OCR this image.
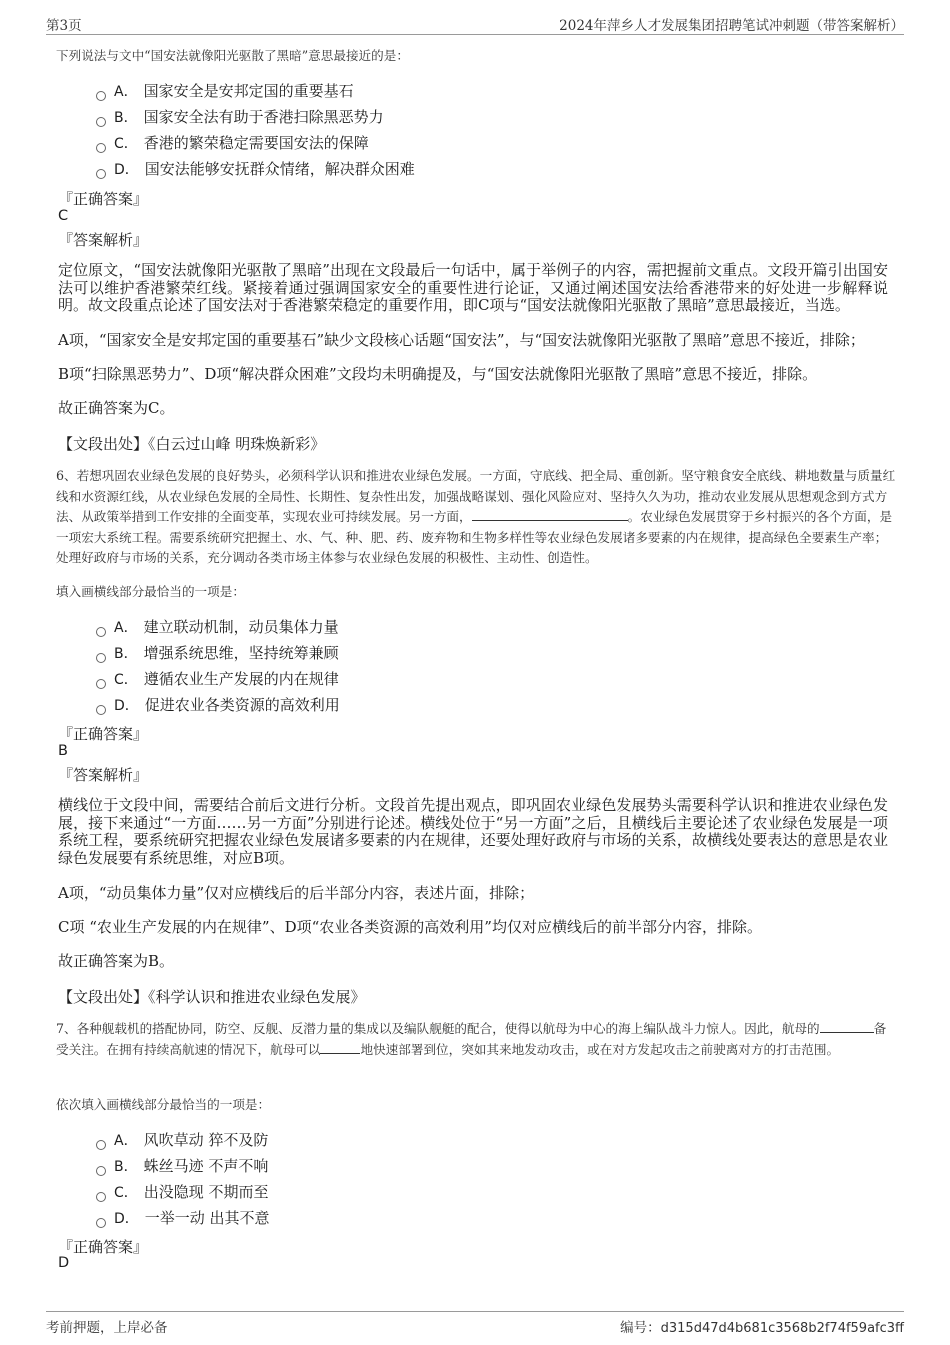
第3页	2024年萍乡人才发展集团招聘笔试冲刺题（带答案解析）
下列说法与文中“国安法就像阳光驱散了黑暗”意思最接近的是：
A． 国家安全是安邦定国的重要基石
B． 国家安全法有助于香港扫除黑恶势力
C． 香港的繁荣稳定需要国安法的保障
D． 国安法能够安抚群众情绪，解决群众困难
『正确答案』
C
『答案解析』
定位原文，“国安法就像阳光驱散了黑暗”出现在文段最后一句话中，属于举例子的内容，需把握前文重点。文段开篇引出国安法可以维护香港繁荣红线。紧接着通过强调国家安全的重要性进行论证，又通过阐述国安法给香港带来的好处进一步解释说明。故文段重点论述了国安法对于香港繁荣稳定的重要作用，即C项与“国安法就像阳光驱散了黑暗”意思最接近，当选。
A项，“国家安全是安邦定国的重要基石”缺少文段核心话题“国安法”，与“国安法就像阳光驱散了黑暗”意思不接近，排除；
B项“扫除黑恶势力”、D项“解决群众困难”文段均未明确提及，与“国安法就像阳光驱散了黑暗”意思不接近，排除。
故正确答案为C。
【文段出处】《白云过山峰 明珠焕新彩》
6、若想巩固农业绿色发展的良好势头，必须科学认识和推进农业绿色发展。一方面，守底线、把全局、重创新。坚守粮食安全底线、耕地数量与质量红线和水资源红线，从农业绿色发展的全局性、长期性、复杂性出发，加强战略谋划、强化风险应对、坚持久久为功，推动农业发展从思想观念到方式方法、从政策举措到工作安排的全面变革，实现农业可持续发展。另一方面，	。农业绿色发展贯穿于乡村振兴的各个方面，是一项宏大系统工程。需要系统研究把握土、水、气、种、肥、药、废弃物和生物多样性等农业绿色发展诸多要素的内在规律，提高绿色全要素生产率；处理好政府与市场的关系，充分调动各类市场主体参与农业绿色发展的积极性、主动性、创造性。
填入画横线部分最恰当的一项是：
A． 建立联动机制，动员集体力量
B． 增强系统思维，坚持统筹兼顾
C． 遵循农业生产发展的内在规律
D． 促进农业各类资源的高效利用
『正确答案』
B
『答案解析』
横线位于文段中间，需要结合前后文进行分析。文段首先提出观点，即巩固农业绿色发展势头需要科学认识和推进农业绿色发展，接下来通过“一方面……另一方面”分别进行论述。横线处位于“另一方面”之后，且横线后主要论述了农业绿色发展是一项系统工程，要系统研究把握农业绿色发展诸多要素的内在规律，还要处理好政府与市场的关系，故横线处要表达的意思是农业绿色发展要有系统思维，对应B项。
A项，“动员集体力量”仅对应横线后的后半部分内容，表述片面，排除；
C项 “农业生产发展的内在规律”、D项“农业各类资源的高效利用”均仅对应横线后的前半部分内容，排除。
故正确答案为B。
【文段出处】《科学认识和推进农业绿色发展》
7、各种舰载机的搭配协同，防空、反舰、反潜力量的集成以及编队舰艇的配合，使得以航母为中心的海上编队战斗力惊人。因此，航母的	备受关注。在拥有持续高航速的情况下，航母可以	地快速部署到位，突如其来地发动攻击，或在对方发起攻击之前驶离对方的打击范围。
依次填入画横线部分最恰当的一项是：
A． 风吹草动 猝不及防
B． 蛛丝马迹 不声不响
C． 出没隐现 不期而至
D． 一举一动 出其不意
『正确答案』
D
考前押题，上岸必备	编号：d315d47d4b681c3568b2f74f59afc3ff
